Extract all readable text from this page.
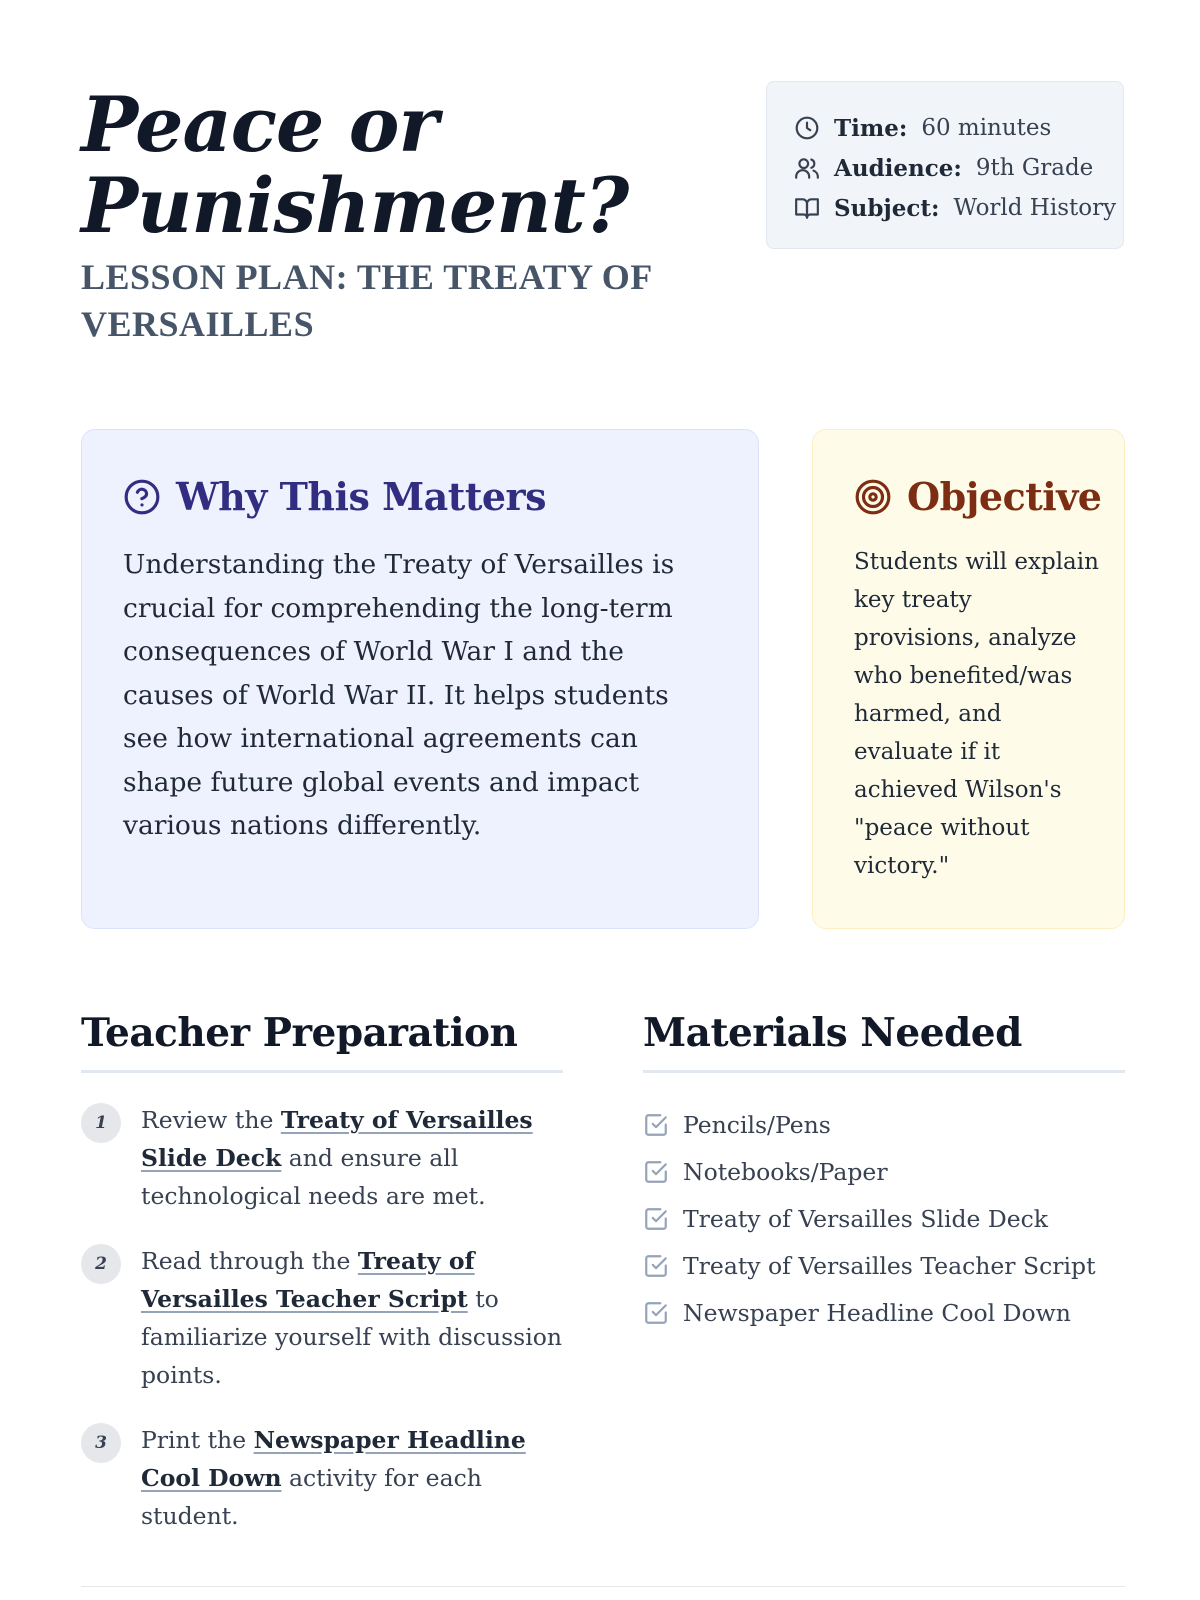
Peace or
Punishment?
LESSON PLAN: THE TREATY OF VERSAILLES
Time: 60 minutes
Audience: 9th Grade
Subject: World History
Why This Matters

Understanding the Treaty of Versailles is crucial for comprehending the long-term consequences of World War I and the causes of World War II. It helps students see how international agreements can shape future global events and impact various nations differently.

Objective

Students will explain key treaty provisions, analyze who benefited/was harmed, and evaluate if it achieved Wilson's "peace without victory."

Teacher Preparation
1	Review the Treaty of Versailles Slide Deck and ensure all technological needs are met.
2	Read through the Treaty of Versailles Teacher Script to familiarize yourself with discussion points.
3	Print the Newspaper Headline Cool Down activity for each student.
Materials Needed
Pencils/Pens
Notebooks/Paper
Treaty of Versailles Slide Deck
Treaty of Versailles Teacher Script
Newspaper Headline Cool Down
